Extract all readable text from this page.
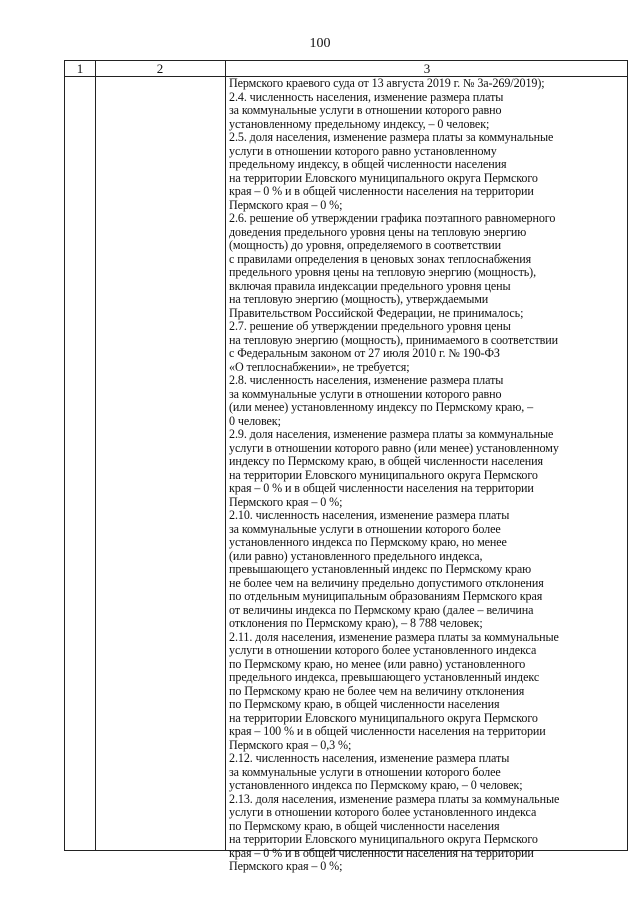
100
1	2	3
Пермского краевого суда от 13 августа 2019 г. № 3а-269/2019);
2.4. численность населения, изменение размера платы
за коммунальные услуги в отношении которого равно
установленному предельному индексу, – 0 человек;
2.5. доля населения, изменение размера платы за коммунальные
услуги в отношении которого равно установленному
предельному индексу, в общей численности населения
на территории Еловского муниципального округа Пермского
края – 0 % и в общей численности населения на территории
Пермского края – 0 %;
2.6. решение об утверждении графика поэтапного равномерного
доведения предельного уровня цены на тепловую энергию
(мощность) до уровня, определяемого в соответствии
с правилами определения в ценовых зонах теплоснабжения
предельного уровня цены на тепловую энергию (мощность),
включая правила индексации предельного уровня цены
на тепловую энергию (мощность), утверждаемыми
Правительством Российской Федерации, не принималось;
2.7. решение об утверждении предельного уровня цены
на тепловую энергию (мощность), принимаемого в соответствии
с Федеральным законом от 27 июля 2010 г. № 190-ФЗ
«О теплоснабжении», не требуется;
2.8. численность населения, изменение размера платы
за коммунальные услуги в отношении которого равно
(или менее) установленному индексу по Пермскому краю, –
0 человек;
2.9. доля населения, изменение размера платы за коммунальные
услуги в отношении которого равно (или менее) установленному
индексу по Пермскому краю, в общей численности населения
на территории Еловского муниципального округа Пермского
края – 0 % и в общей численности населения на территории
Пермского края – 0 %;
2.10. численность населения, изменение размера платы
за коммунальные услуги в отношении которого более
установленного индекса по Пермскому краю, но менее
(или равно) установленного предельного индекса,
превышающего установленный индекс по Пермскому краю
не более чем на величину предельно допустимого отклонения
по отдельным муниципальным образованиям Пермского края
от величины индекса по Пермскому краю (далее – величина
отклонения по Пермскому краю), – 8 788 человек;
2.11. доля населения, изменение размера платы за коммунальные
услуги в отношении которого более установленного индекса
по Пермскому краю, но менее (или равно) установленного
предельного индекса, превышающего установленный индекс
по Пермскому краю не более чем на величину отклонения
по Пермскому краю, в общей численности населения
на территории Еловского муниципального округа Пермского
края – 100 % и в общей численности населения на территории
Пермского края – 0,3 %;
2.12. численность населения, изменение размера платы
за коммунальные услуги в отношении которого более
установленного индекса по Пермскому краю, – 0 человек;
2.13. доля населения, изменение размера платы за коммунальные
услуги в отношении которого более установленного индекса
по Пермскому краю, в общей численности населения
на территории Еловского муниципального округа Пермского
края – 0 % и в общей численности населения на территории
Пермского края – 0 %;
